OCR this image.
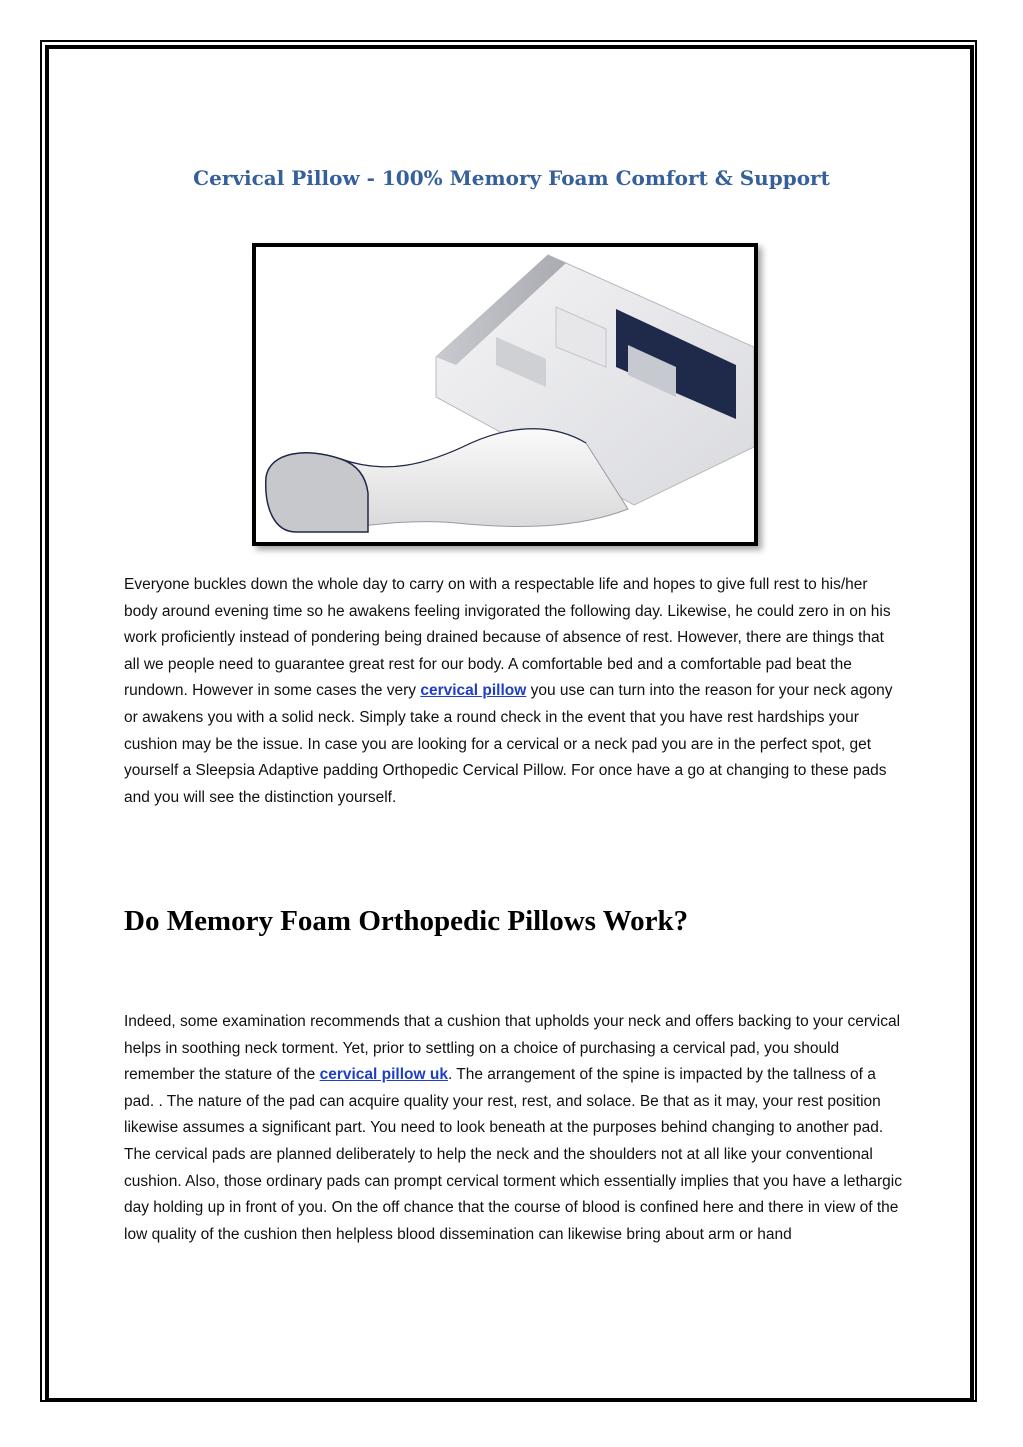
Cervical Pillow - 100% Memory Foam Comfort & Support

Everyone buckles down the whole day to carry on with a respectable life and hopes to give full rest to his/her body around evening time so he awakens feeling invigorated the following day. Likewise, he could zero in on his work proficiently instead of pondering being drained because of absence of rest. However, there are things that all we people need to guarantee great rest for our body. A comfortable bed and a comfortable pad beat the rundown. However in some cases the very cervical pillow you use can turn into the reason for your neck agony or awakens you with a solid neck. Simply take a round check in the event that you have rest hardships your cushion may be the issue. In case you are looking for a cervical or a neck pad you are in the perfect spot, get yourself a Sleepsia Adaptive padding Orthopedic Cervical Pillow. For once have a go at changing to these pads and you will see the distinction yourself.

Do Memory Foam Orthopedic Pillows Work?

Indeed, some examination recommends that a cushion that upholds your neck and offers backing to your cervical helps in soothing neck torment. Yet, prior to settling on a choice of purchasing a cervical pad, you should remember the stature of the cervical pillow uk. The arrangement of the spine is impacted by the tallness of a pad. . The nature of the pad can acquire quality your rest, rest, and solace. Be that as it may, your rest position likewise assumes a significant part. You need to look beneath at the purposes behind changing to another pad. The cervical pads are planned deliberately to help the neck and the shoulders not at all like your conventional cushion. Also, those ordinary pads can prompt cervical torment which essentially implies that you have a lethargic day holding up in front of you. On the off chance that the course of blood is confined here and there in view of the low quality of the cushion then helpless blood dissemination can likewise bring about arm or hand
